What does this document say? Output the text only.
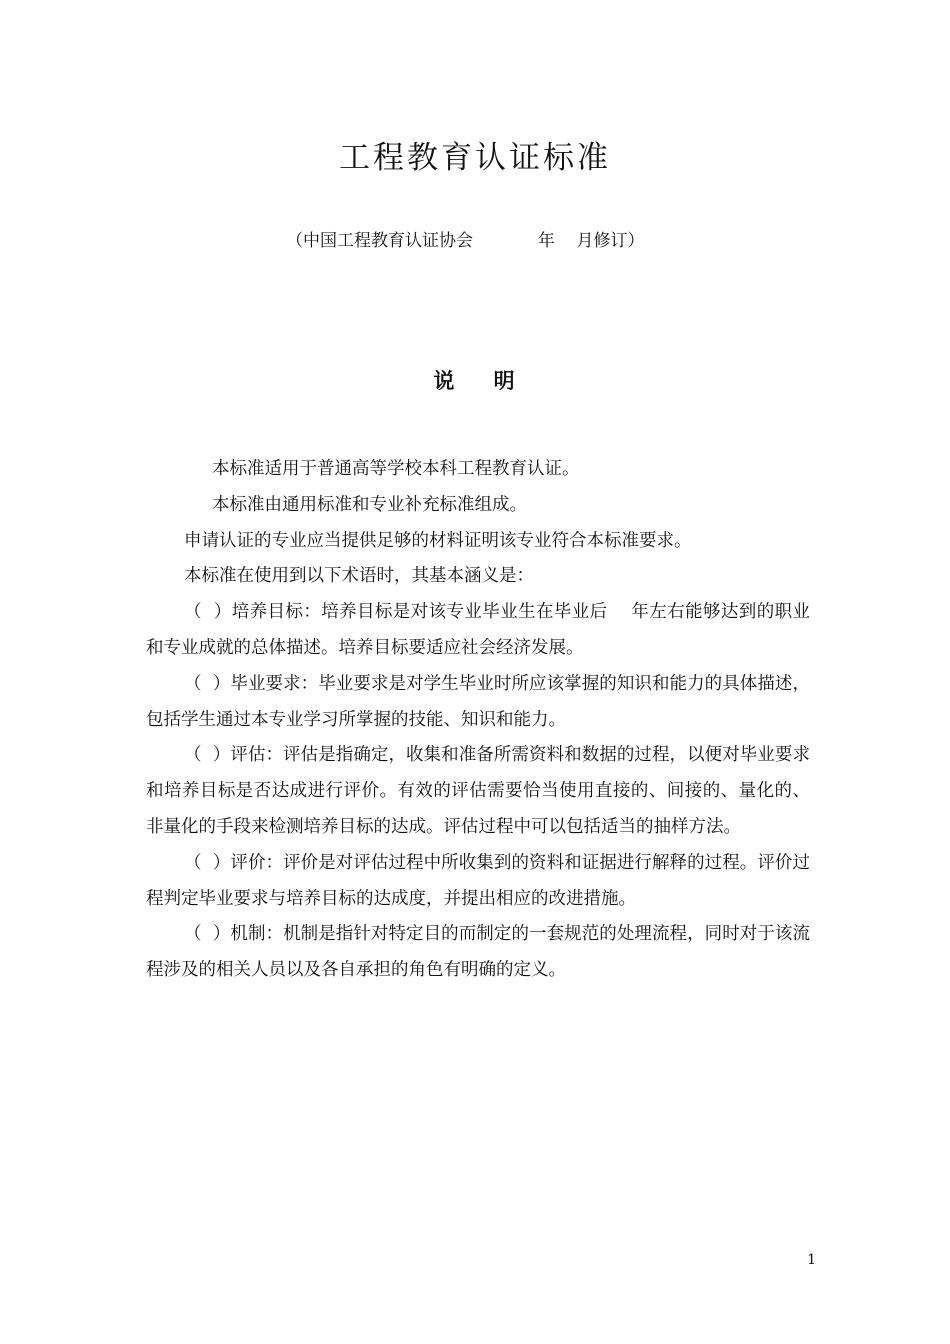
工程教育认证标准
（中国工程教育认证协会            年    月修订）
说    明

本标准适用于普通高等学校本科工程教育认证。

本标准由通用标准和专业补充标准组成。

申请认证的专业应当提供足够的材料证明该专业符合本标准要求。

本标准在使用到以下术语时，其基本涵义是：

（  ）培养目标：培养目标是对该专业毕业生在毕业后    年左右能够达到的职业和专业成就的总体描述。培养目标要适应社会经济发展。

（  ）毕业要求：毕业要求是对学生毕业时所应该掌握的知识和能力的具体描述，包括学生通过本专业学习所掌握的技能、知识和能力。

（  ）评估：评估是指确定，收集和准备所需资料和数据的过程，以便对毕业要求和培养目标是否达成进行评价。有效的评估需要恰当使用直接的、间接的、量化的、非量化的手段来检测培养目标的达成。评估过程中可以包括适当的抽样方法。

（  ）评价：评价是对评估过程中所收集到的资料和证据进行解释的过程。评价过程判定毕业要求与培养目标的达成度，并提出相应的改进措施。

（  ）机制：机制是指针对特定目的而制定的一套规范的处理流程，同时对于该流程涉及的相关人员以及各自承担的角色有明确的定义。

1
